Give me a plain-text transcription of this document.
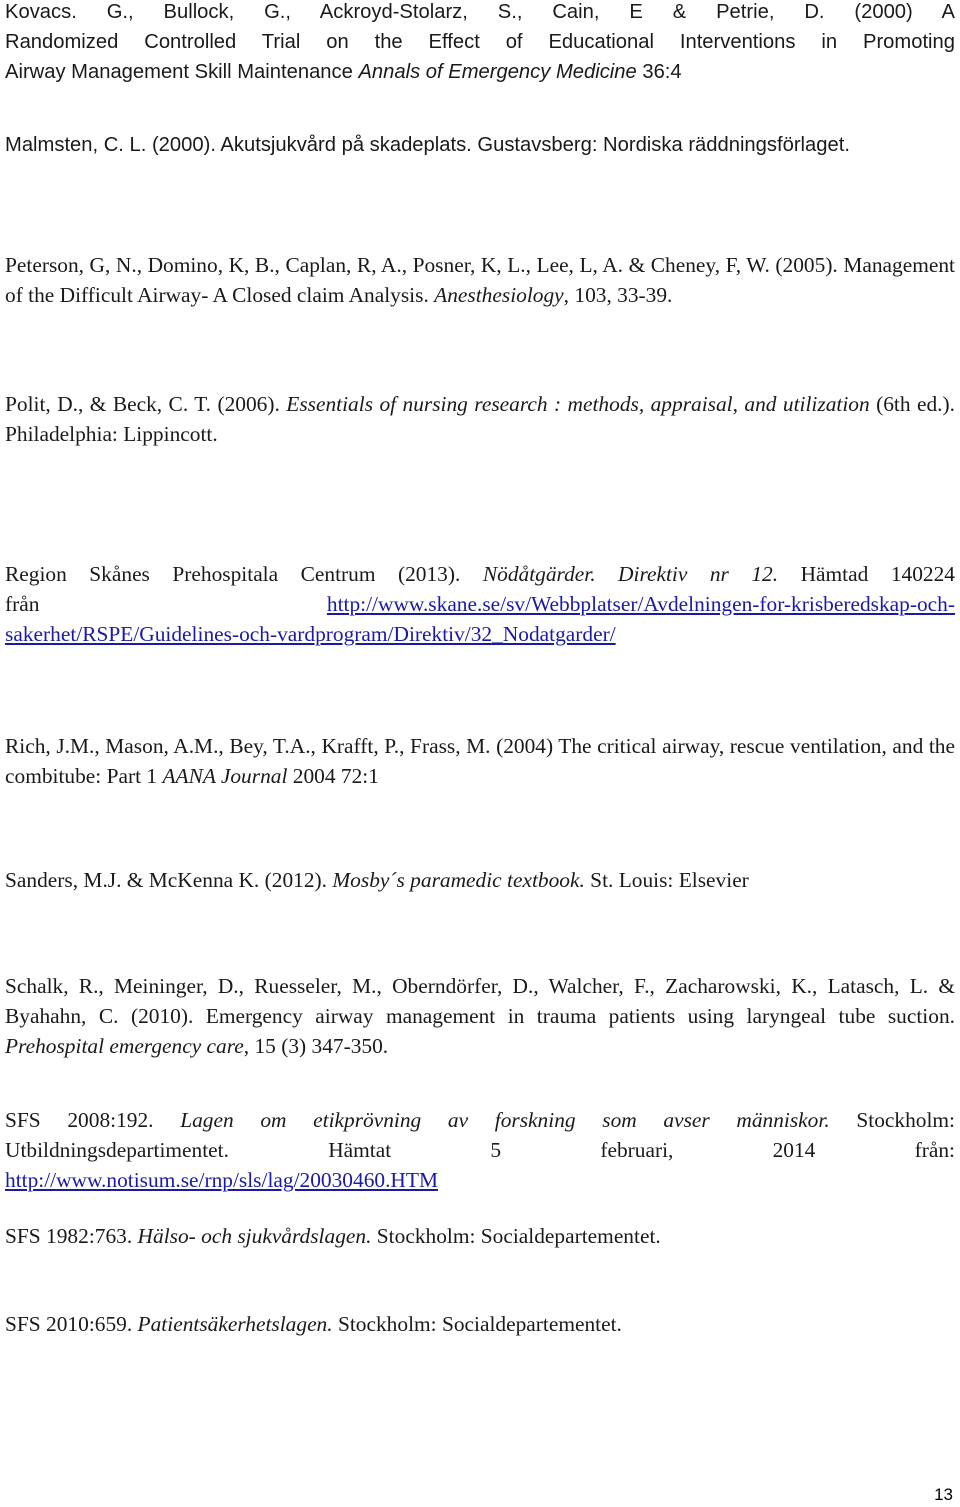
Kovacs. G., Bullock, G., Ackroyd-Stolarz, S., Cain, E & Petrie, D. (2000) A

Randomized Controlled Trial on the Effect of Educational Interventions in Promoting

Airway Management Skill Maintenance Annals of Emergency Medicine 36:4

Malmsten, C. L. (2000). Akutsjukvård på skadeplats. Gustavsberg: Nordiska räddningsförlaget.

Peterson, G, N., Domino, K, B., Caplan, R, A., Posner, K, L., Lee, L, A. & Cheney, F, W. (2005). Management of the Difficult Airway- A Closed claim Analysis. Anesthesiology, 103, 33-39.

Polit, D., & Beck, C. T. (2006). Essentials of nursing research : methods, appraisal, and utilization (6th ed.). Philadelphia: Lippincott.

Region Skånes Prehospitala Centrum (2013). Nödåtgärder. Direktiv nr 12. Hämtad 140224

från	http://www.skane.se/sv/Webbplatser/Avdelningen-for-krisberedskap-och-

sakerhet/RSPE/Guidelines-och-vardprogram/Direktiv/32_Nodatgarder/

Rich, J.M., Mason, A.M., Bey, T.A., Krafft, P., Frass, M. (2004) The critical airway, rescue ventilation, and the combitube: Part 1 AANA Journal 2004 72:1

Sanders, M.J. & McKenna K. (2012). Mosby´s paramedic textbook. St. Louis: Elsevier

Schalk, R., Meininger, D., Ruesseler, M., Oberndörfer, D., Walcher, F., Zacharowski, K., Latasch, L. & Byahahn, C. (2010). Emergency airway management in trauma patients using laryngeal tube suction. Prehospital emergency care, 15 (3) 347-350.

SFS 2008:192. Lagen om etikprövning av forskning som avser människor. Stockholm:

Utbildningsdepartimentet. Hämtat 5 februari, 2014 från:

http://www.notisum.se/rnp/sls/lag/20030460.HTM

SFS 1982:763. Hälso- och sjukvårdslagen. Stockholm: Socialdepartementet.

SFS 2010:659. Patientsäkerhetslagen. Stockholm: Socialdepartementet.

13
